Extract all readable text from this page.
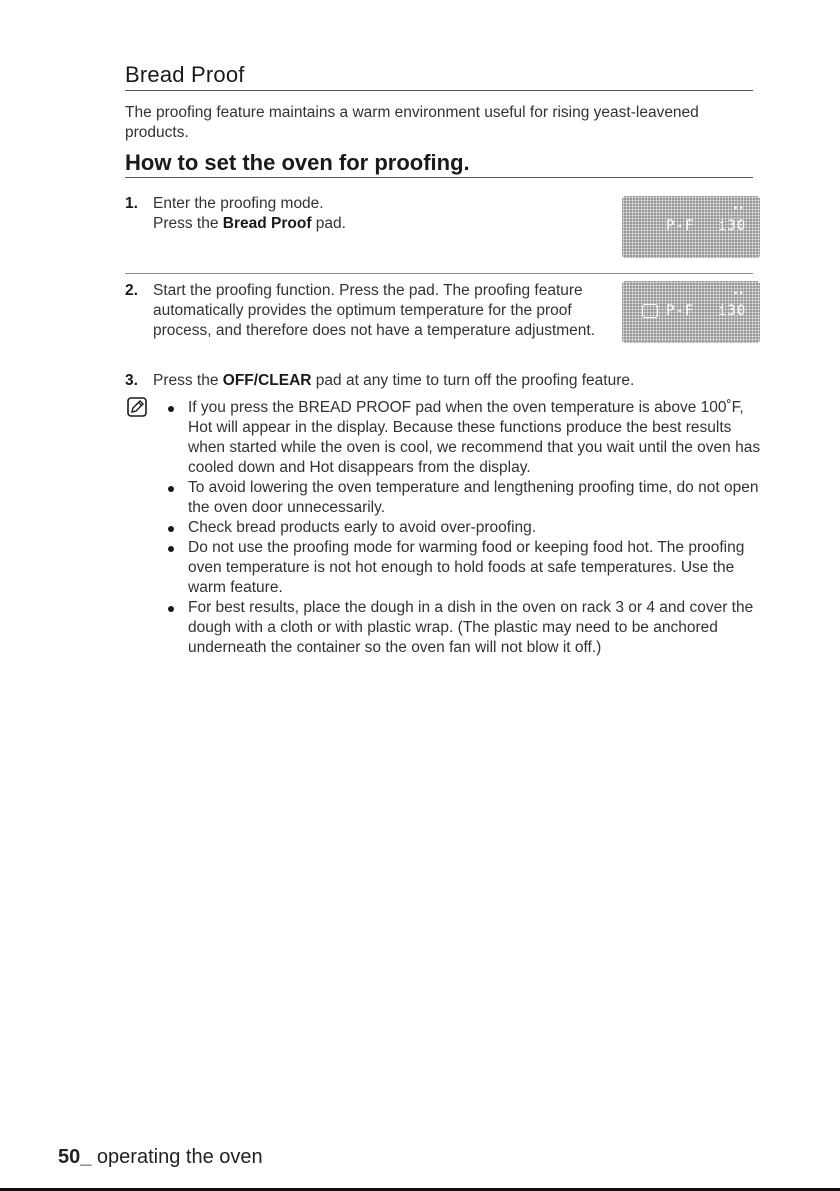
Bread Proof

The proofing feature maintains a warm environment useful for rising yeast-leavened products.

How to set the oven for proofing.
1. Enter the proofing mode.

Press the Bread Proof pad.

• •
P-F i30
2. Start the proofing function. Press the pad. The proofing feature automatically provides the optimum temperature for the proof process, and therefore does not have a temperature adjustment.
• •
P-F i30
3. Press the OFF/CLEAR pad at any time to turn off the proofing feature.
If you press the BREAD PROOF pad when the oven temperature is above 100˚F, Hot will appear in the display. Because these functions produce the best results when started while the oven is cool, we recommend that you wait until the oven has cooled down and Hot disappears from the display.
To avoid lowering the oven temperature and lengthening proofing time, do not open the oven door unnecessarily.
Check bread products early to avoid over-proofing.
Do not use the proofing mode for warming food or keeping food hot. The proofing oven temperature is not hot enough to hold foods at safe temperatures. Use the warm feature.
For best results, place the dough in a dish in the oven on rack 3 or 4 and cover the dough with a cloth or with plastic wrap. (The plastic may need to be anchored underneath the container so the oven fan will not blow it off.)
50_ operating the oven
